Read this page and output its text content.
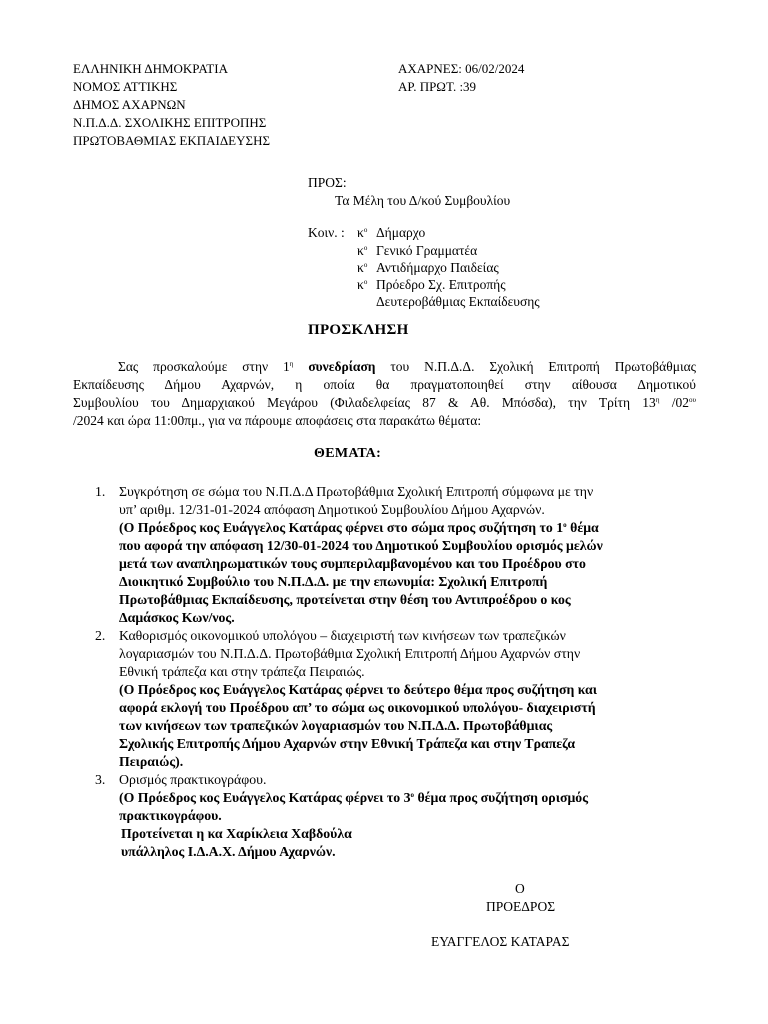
ΕΛΛΗΝΙΚΗ ΔΗΜΟΚΡΑΤΙΑ
ΝΟΜΟΣ ΑΤΤΙΚΗΣ
ΔΗΜΟΣ ΑΧΑΡΝΩΝ
Ν.Π.Δ.Δ. ΣΧΟΛΙΚΗΣ ΕΠΙΤΡΟΠΗΣ
ΠΡΩΤΟΒΑΘΜΙΑΣ ΕΚΠΑΙΔΕΥΣΗΣ
ΑΧΑΡΝΕΣ: 06/02/2024
ΑΡ. ΠΡΩΤ. :39
ΠΡΟΣ:
Τα Μέλη του Δ/κού Συμβουλίου
Κοιν. : $\kappa^o$ Δήμαρχο
$\kappa^o$ Γενικό Γραμματέα
$\kappa^o$ Αντιδήμαρχο Παιδείας
$\kappa^o$ Πρόεδρο Σχ. Επιτροπής
Δευτεροβάθμιας Εκπαίδευσης
ΠΡΟΣΚΛΗΣΗ
Σας προσκαλούμε στην $1^\eta$ συνεδρίαση του Ν.Π.Δ.Δ. Σχολική Επιτροπή Πρωτοβάθμιας
Εκπαίδευσης Δήμου Αχαρνών, η οποία θα πραγματοποιηθεί στην αίθουσα Δημοτικού
Συμβουλίου του Δημαρχιακού Μεγάρου (Φιλαδελφείας 87 & Αθ. Μπόσδα), την Τρίτη $13^\eta$ $/02^{o\upsilon}$
/2024 και ώρα 11:00πμ., για να πάρουμε αποφάσεις στα παρακάτω θέματα:
ΘΕΜΑΤΑ:
1. Συγκρότηση σε σώμα του Ν.Π.Δ.Δ Πρωτοβάθμια Σχολική Επιτροπή σύμφωνα με την
υπ’ αριθμ. 12/31-01-2024 απόφαση Δημοτικού Συμβουλίου Δήμου Αχαρνών.
(Ο Πρόεδρος κος Ευάγγελος Κατάρας φέρνει στο σώμα προς συζήτηση το $1^o$ θέμα
που αφορά την απόφαση 12/30-01-2024 του Δημοτικού Συμβουλίου ορισμός μελών
μετά των αναπληρωματικών τους συμπεριλαμβανομένου και του Προέδρου στο
Διοικητικό Συμβούλιο του Ν.Π.Δ.Δ. με την επωνυμία: Σχολική Επιτροπή
Πρωτοβάθμιας Εκπαίδευσης, προτείνεται στην θέση του Αντιπροέδρου ο κος
Δαμάσκος Κων/νος.
2. Καθορισμός οικονομικού υπολόγου – διαχειριστή των κινήσεων των τραπεζικών
λογαριασμών του Ν.Π.Δ.Δ. Πρωτοβάθμια Σχολική Επιτροπή Δήμου Αχαρνών στην
Εθνική τράπεζα και στην τράπεζα Πειραιώς.
(Ο Πρόεδρος κος Ευάγγελος Κατάρας φέρνει το δεύτερο θέμα προς συζήτηση και
αφορά εκλογή του Προέδρου απ’ το σώμα ως οικονομικού υπολόγου- διαχειριστή
των κινήσεων των τραπεζικών λογαριασμών του Ν.Π.Δ.Δ. Πρωτοβάθμιας
Σχολικής Επιτροπής Δήμου Αχαρνών στην Εθνική Τράπεζα και στην Τραπεζα
Πειραιώς).
3. Ορισμός πρακτικογράφου.
(Ο Πρόεδρος κος Ευάγγελος Κατάρας φέρνει το $3^o$ θέμα προς συζήτηση ορισμός
πρακτικογράφου.
Προτείνεται η κα Χαρίκλεια Χαβδούλα
υπάλληλος Ι.Δ.Α.Χ. Δήμου Αχαρνών.
Ο
ΠΡΟΕΔΡΟΣ
ΕΥΑΓΓΕΛΟΣ ΚΑΤΑΡΑΣ
